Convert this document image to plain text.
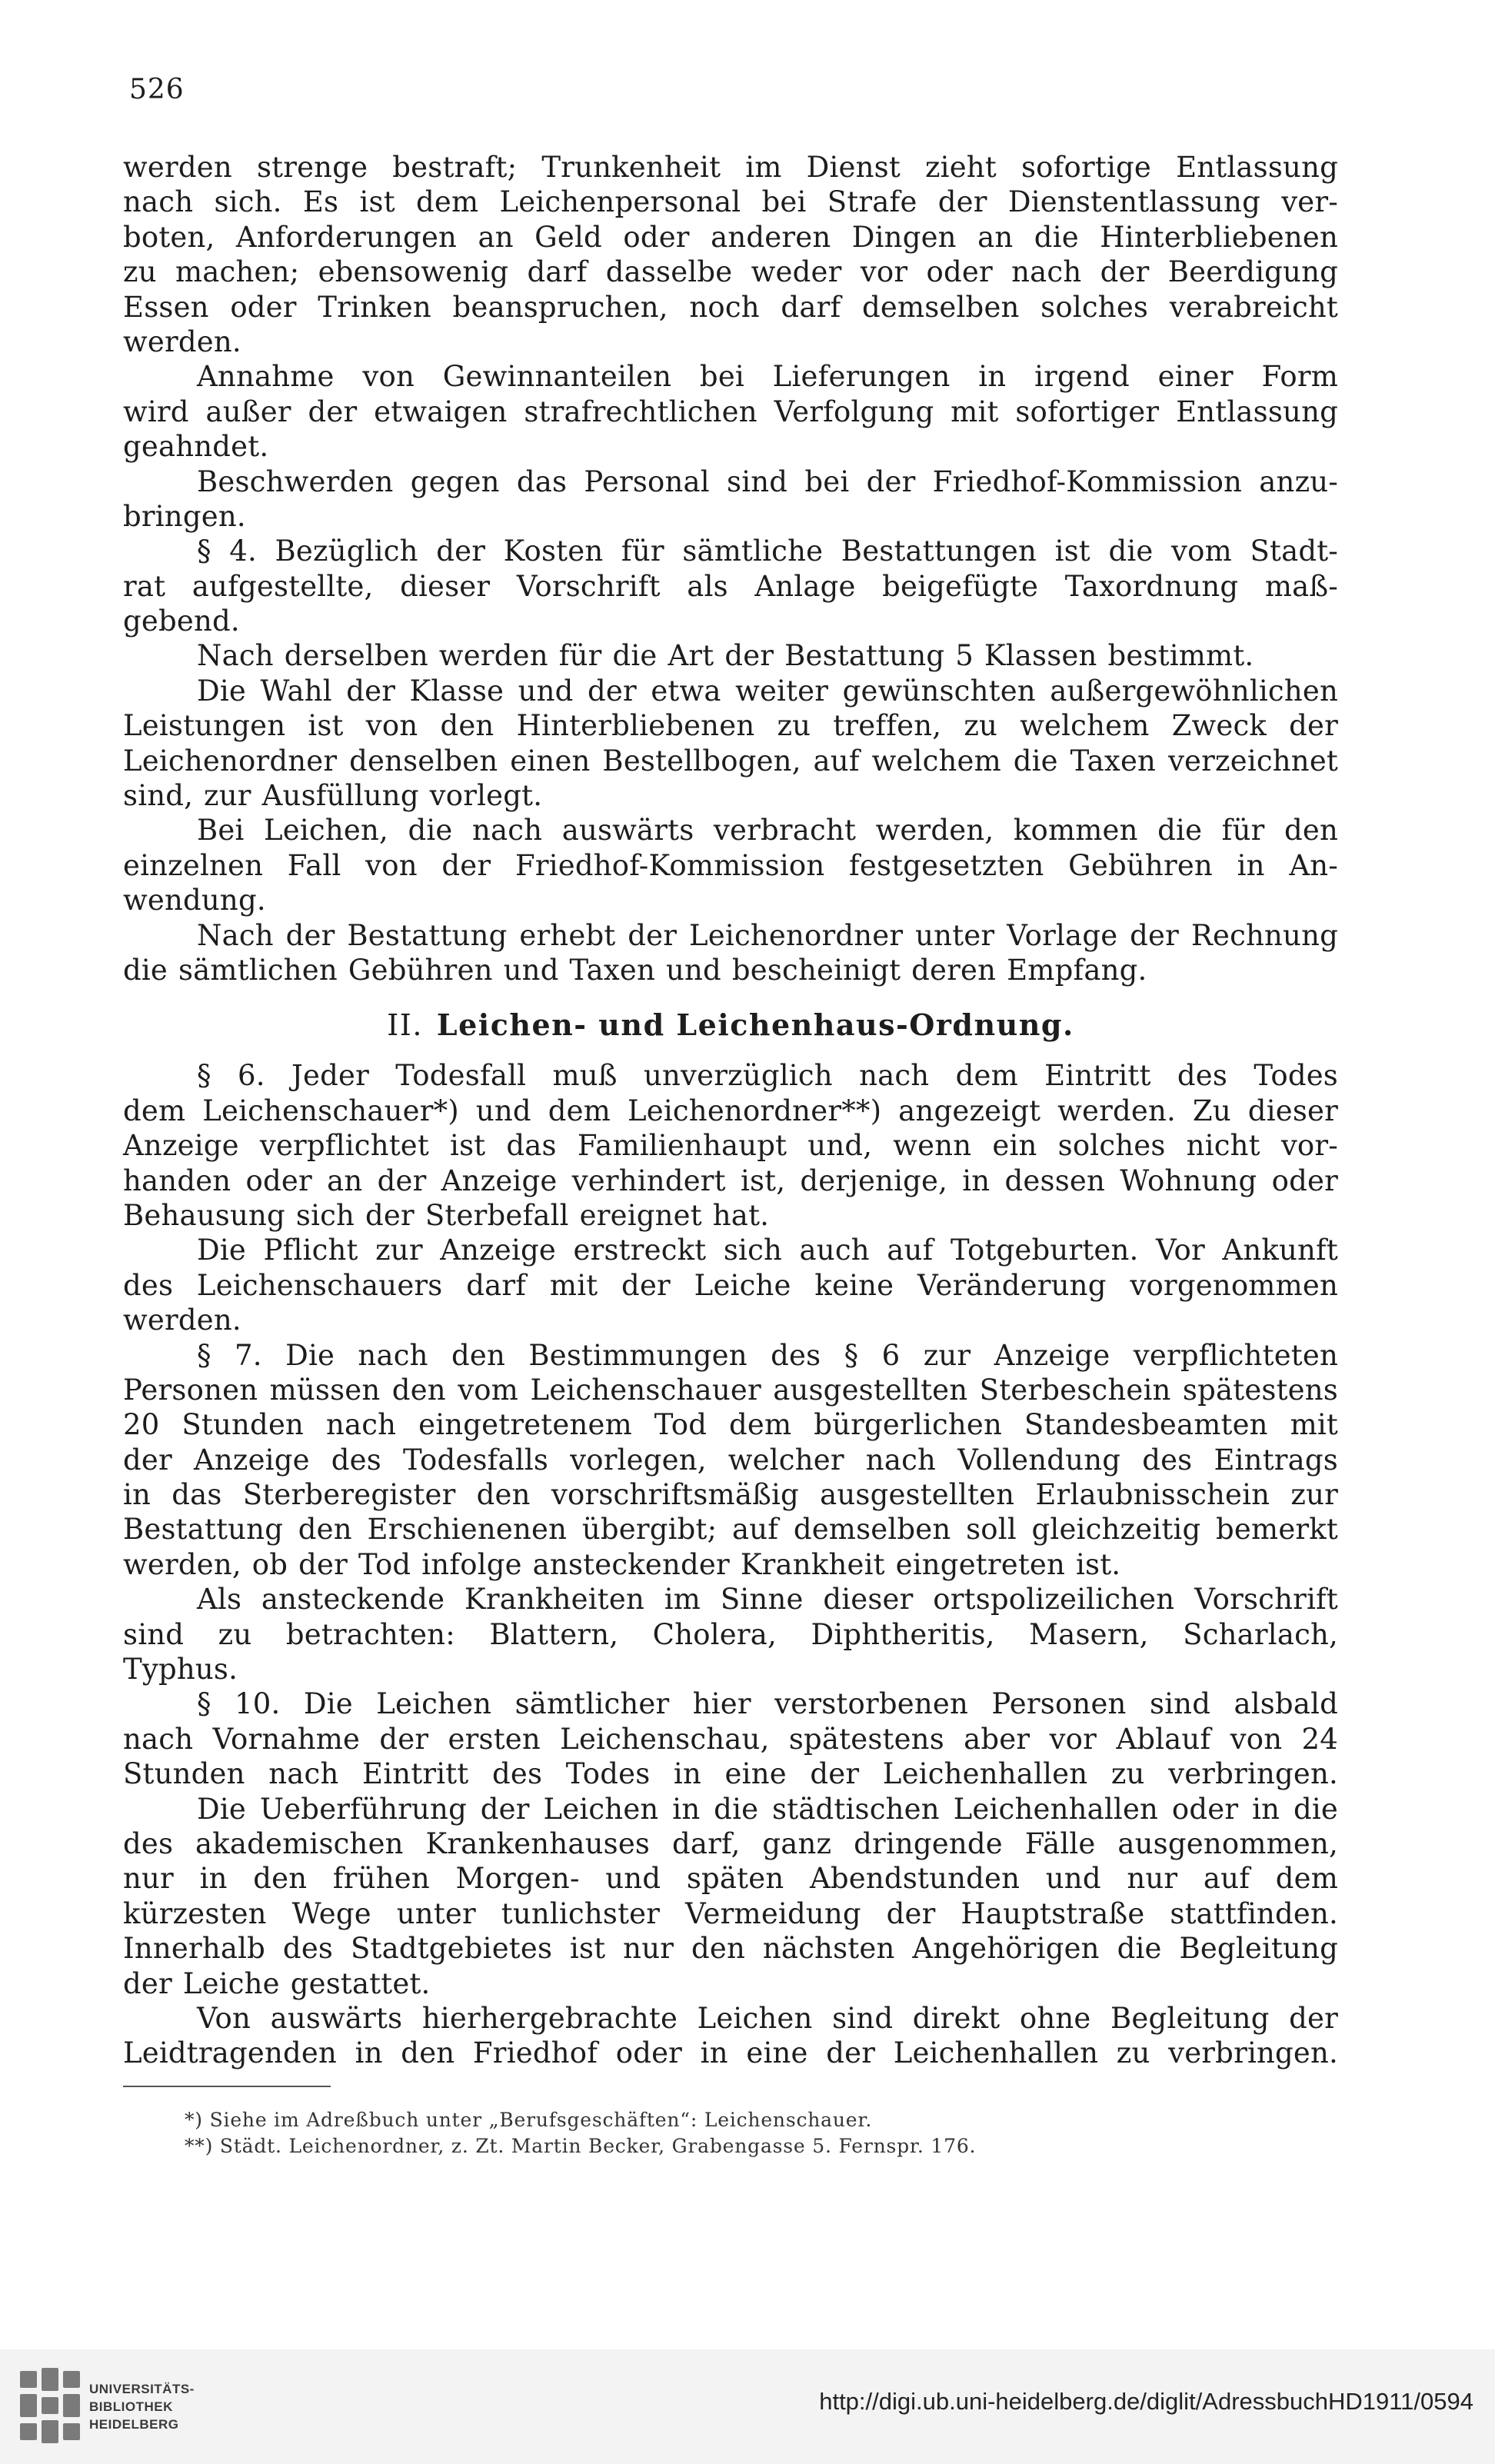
526
werden strenge bestraft; Trunkenheit im Dienst zieht sofortige Entlassung
nach sich. Es ist dem Leichenpersonal bei Strafe der Dienstentlassung ver-
boten, Anforderungen an Geld oder anderen Dingen an die Hinterbliebenen
zu machen; ebensowenig darf dasselbe weder vor oder nach der Beerdigung
Essen oder Trinken beanspruchen, noch darf demselben solches verabreicht
werden.
Annahme von Gewinnanteilen bei Lieferungen in irgend einer Form
wird außer der etwaigen strafrechtlichen Verfolgung mit sofortiger Entlassung
geahndet.
Beschwerden gegen das Personal sind bei der Friedhof-Kommission anzu-
bringen.
§ 4. Bezüglich der Kosten für sämtliche Bestattungen ist die vom Stadt-
rat aufgestellte, dieser Vorschrift als Anlage beigefügte Taxordnung maß-
gebend.
Nach derselben werden für die Art der Bestattung 5 Klassen bestimmt.
Die Wahl der Klasse und der etwa weiter gewünschten außergewöhnlichen
Leistungen ist von den Hinterbliebenen zu treffen, zu welchem Zweck der
Leichenordner denselben einen Bestellbogen, auf welchem die Taxen verzeichnet
sind, zur Ausfüllung vorlegt.
Bei Leichen, die nach auswärts verbracht werden, kommen die für den
einzelnen Fall von der Friedhof-Kommission festgesetzten Gebühren in An-
wendung.
Nach der Bestattung erhebt der Leichenordner unter Vorlage der Rechnung
die sämtlichen Gebühren und Taxen und bescheinigt deren Empfang.
II. Leichen- und Leichenhaus-Ordnung.
§ 6. Jeder Todesfall muß unverzüglich nach dem Eintritt des Todes
dem Leichenschauer*) und dem Leichenordner**) angezeigt werden. Zu dieser
Anzeige verpflichtet ist das Familienhaupt und, wenn ein solches nicht vor-
handen oder an der Anzeige verhindert ist, derjenige, in dessen Wohnung oder
Behausung sich der Sterbefall ereignet hat.
Die Pflicht zur Anzeige erstreckt sich auch auf Totgeburten. Vor Ankunft
des Leichenschauers darf mit der Leiche keine Veränderung vorgenommen
werden.
§ 7. Die nach den Bestimmungen des § 6 zur Anzeige verpflichteten
Personen müssen den vom Leichenschauer ausgestellten Sterbeschein spätestens
20 Stunden nach eingetretenem Tod dem bürgerlichen Standesbeamten mit
der Anzeige des Todesfalls vorlegen, welcher nach Vollendung des Eintrags
in das Sterberegister den vorschriftsmäßig ausgestellten Erlaubnisschein zur
Bestattung den Erschienenen übergibt; auf demselben soll gleichzeitig bemerkt
werden, ob der Tod infolge ansteckender Krankheit eingetreten ist.
Als ansteckende Krankheiten im Sinne dieser ortspolizeilichen Vorschrift
sind zu betrachten: Blattern, Cholera, Diphtheritis, Masern, Scharlach,
Typhus.
§ 10. Die Leichen sämtlicher hier verstorbenen Personen sind alsbald
nach Vornahme der ersten Leichenschau, spätestens aber vor Ablauf von 24
Stunden nach Eintritt des Todes in eine der Leichenhallen zu verbringen.
Die Ueberführung der Leichen in die städtischen Leichenhallen oder in die
des akademischen Krankenhauses darf, ganz dringende Fälle ausgenommen,
nur in den frühen Morgen- und späten Abendstunden und nur auf dem
kürzesten Wege unter tunlichster Vermeidung der Hauptstraße stattfinden.
Innerhalb des Stadtgebietes ist nur den nächsten Angehörigen die Begleitung
der Leiche gestattet.
Von auswärts hierhergebrachte Leichen sind direkt ohne Begleitung der
Leidtragenden in den Friedhof oder in eine der Leichenhallen zu verbringen.
*) Siehe im Adreßbuch unter „Berufsgeschäften“: Leichenschauer.
**) Städt. Leichenordner, z. Zt. Martin Becker, Grabengasse 5. Fernspr. 176.
UNIVERSITÄTS-
BIBLIOTHEK
HEIDELBERG
http://digi.ub.uni-heidelberg.de/diglit/AdressbuchHD1911/0594
